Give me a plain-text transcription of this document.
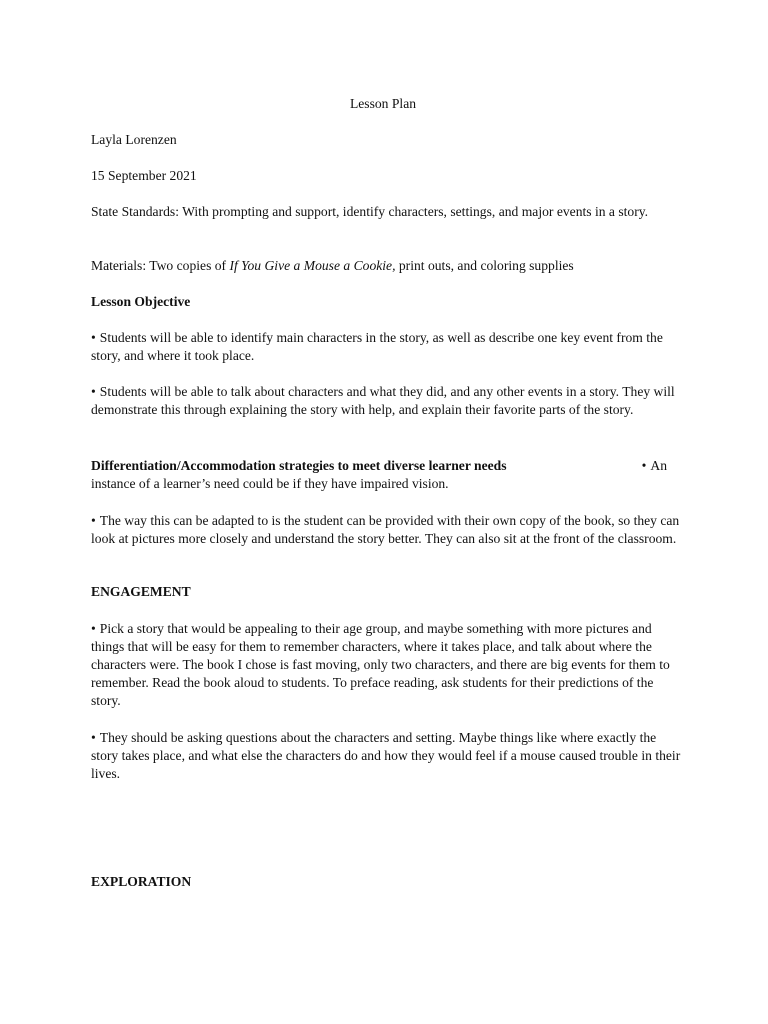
Lesson Plan

Layla Lorenzen

15 September 2021

State Standards: With prompting and support, identify characters, settings, and major events in a story.

Materials: Two copies of If You Give a Mouse a Cookie, print outs, and coloring supplies

Lesson Objective

• Students will be able to identify main characters in the story, as well as describe one key event from the story, and where it took place.

• Students will be able to talk about characters and what they did, and any other events in a story. They will demonstrate this through explaining the story with help, and explain their favorite parts of the story.

Differentiation/Accommodation strategies to meet diverse learner needs	• An
instance of a learner’s need could be if they have impaired vision.

• The way this can be adapted to is the student can be provided with their own copy of the book, so they can look at pictures more closely and understand the story better. They can also sit at the front of the classroom.

ENGAGEMENT

• Pick a story that would be appealing to their age group, and maybe something with more pictures and things that will be easy for them to remember characters, where it takes place, and talk about where the characters were. The book I chose is fast moving, only two characters, and there are big events for them to remember. Read the book aloud to students. To preface reading, ask students for their predictions of the story.

• They should be asking questions about the characters and setting. Maybe things like where exactly the story takes place, and what else the characters do and how they would feel if a mouse caused trouble in their lives.

EXPLORATION
